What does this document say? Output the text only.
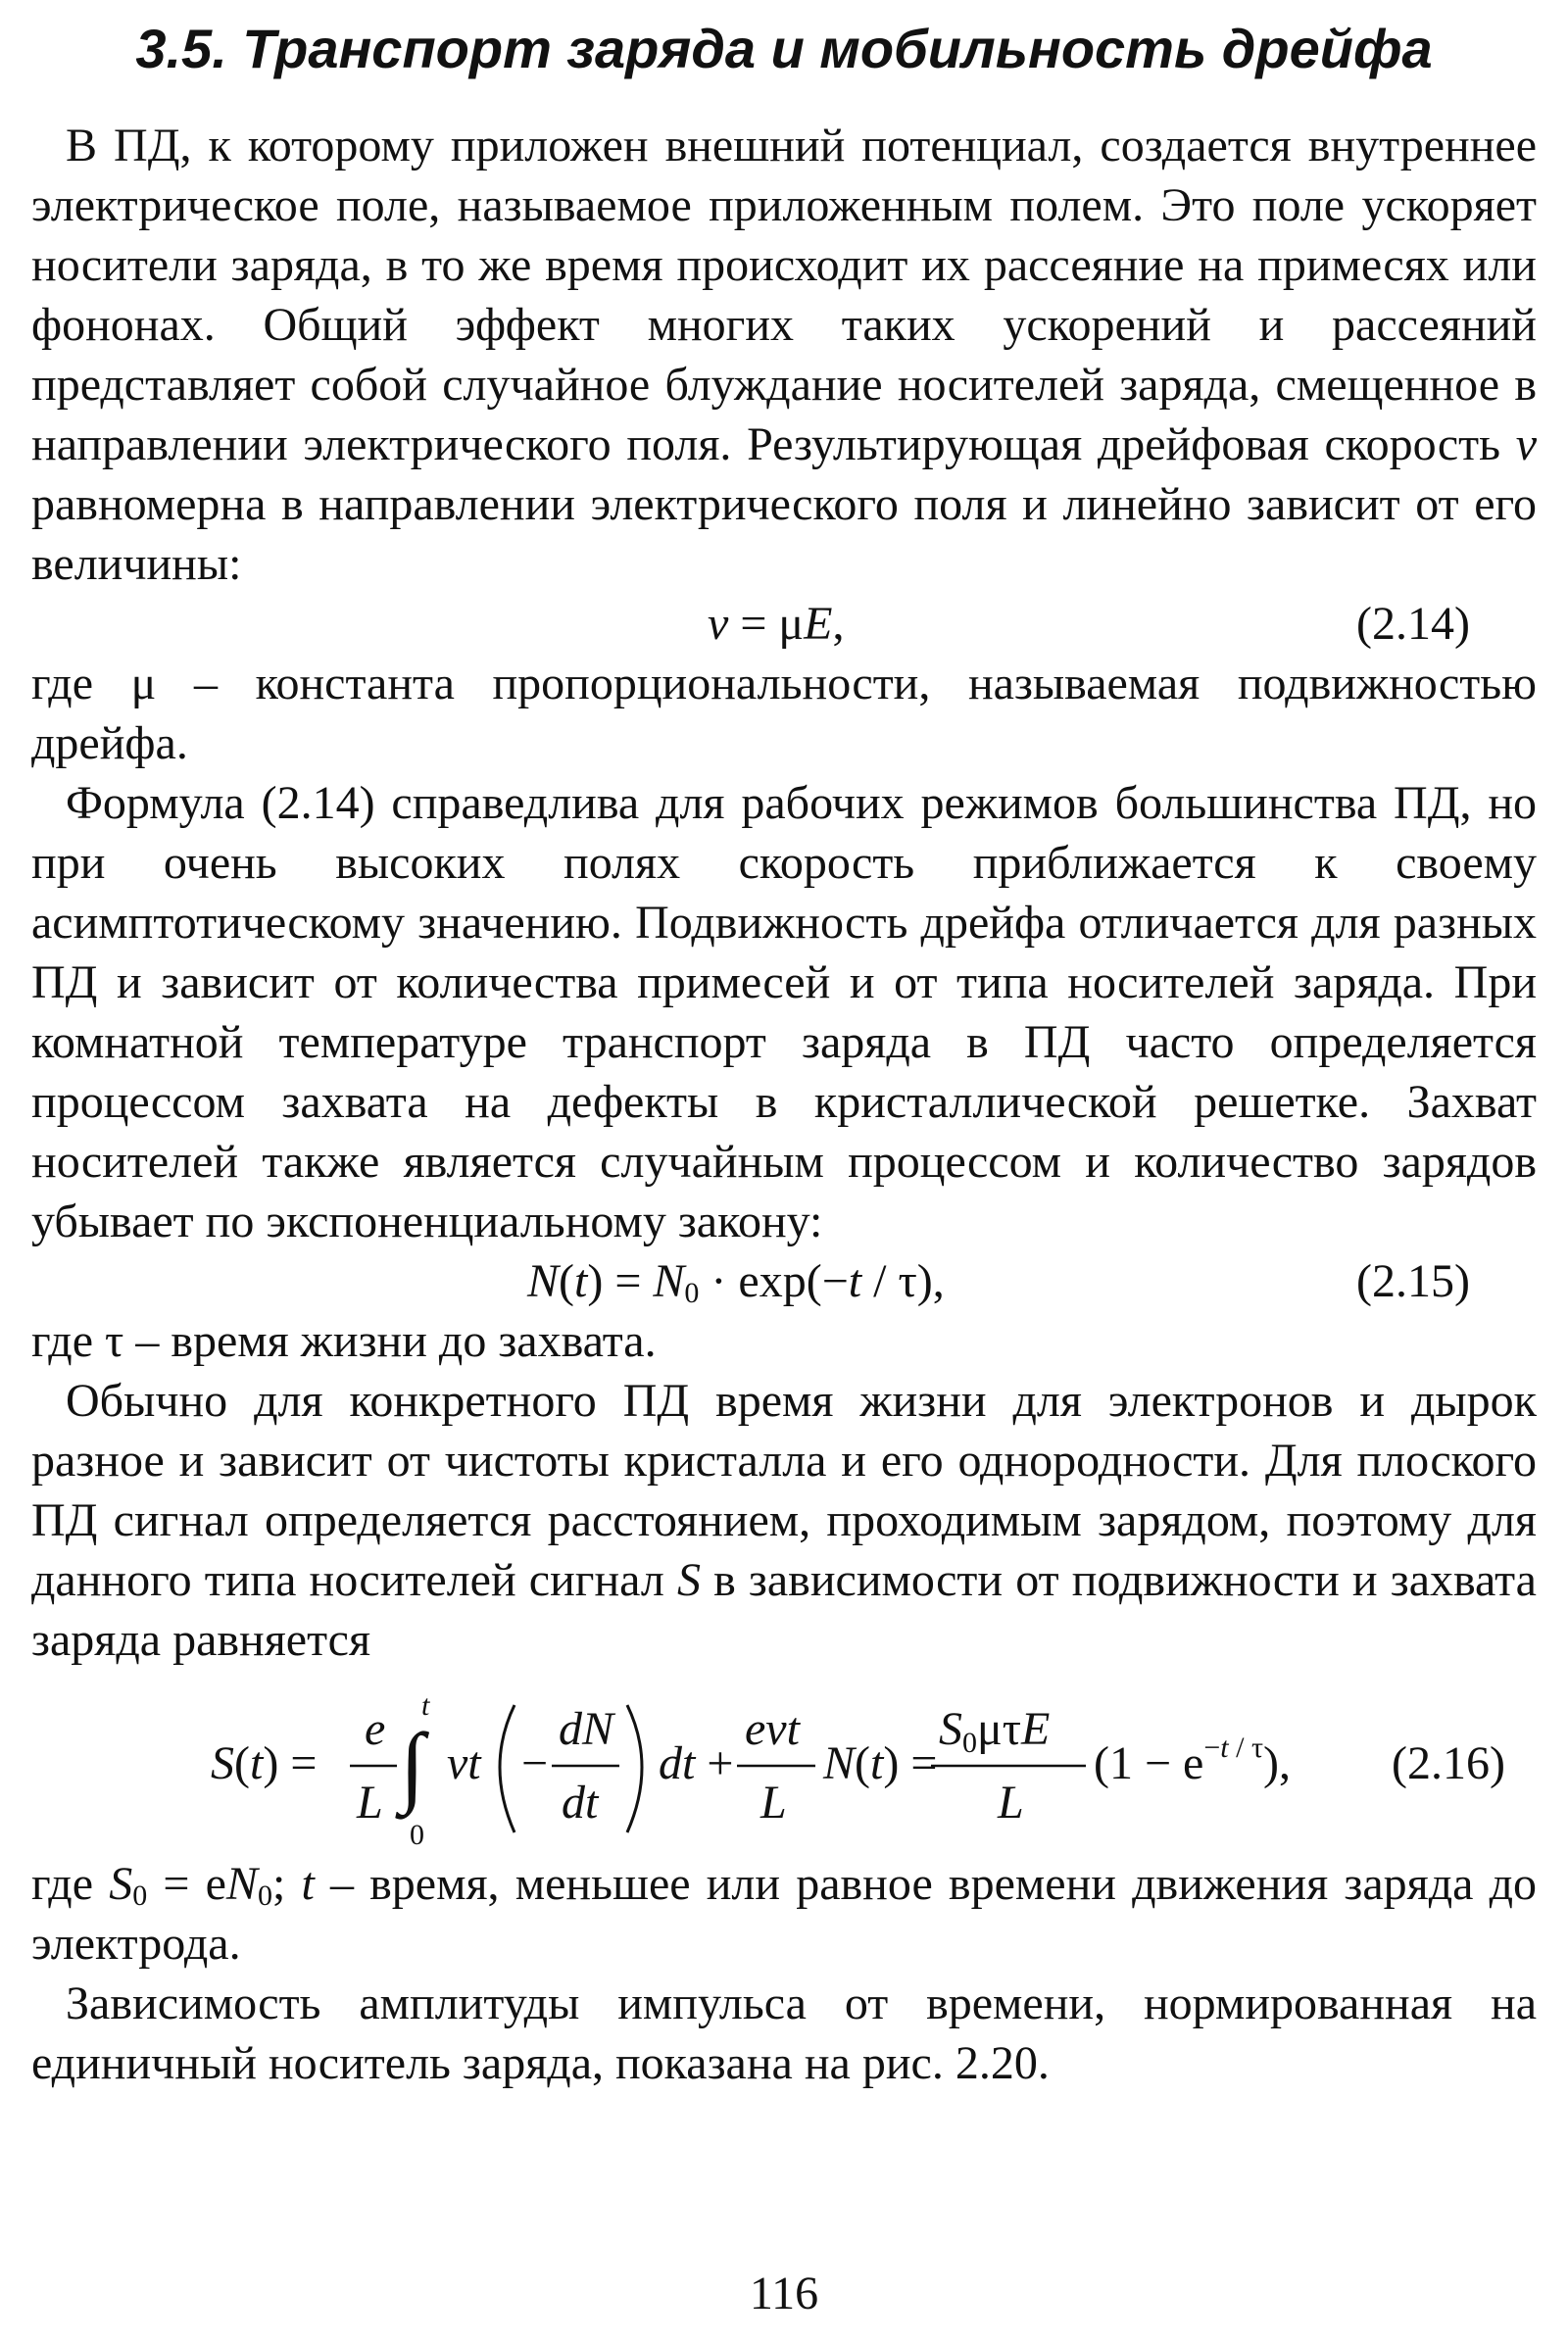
3.5. Транспорт заряда и мобильность дрейфа

В ПД, к которому приложен внешний потенциал, создается внутреннее электрическое поле, называемое приложенным полем. Это поле ускоряет носители заряда, в то же время происходит их рассеяние на примесях или фононах. Общий эффект многих таких ускорений и рассеяний представляет собой случайное блуждание носителей заряда, смещенное в направлении электрического поля. Результирующая дрейфовая скорость v равномерна в направлении электрического поля и линейно зависит от его величины:

v = μE,	(2.14)

где μ – константа пропорциональности, называемая подвижностью дрейфа.

Формула (2.14) справедлива для рабочих режимов большинства ПД, но при очень высоких полях скорость приближается к своему асимптотическому значению. Подвижность дрейфа отличается для разных ПД и зависит от количества примесей и от типа носителей заряда. При комнатной температуре транспорт заряда в ПД часто определяется процессом захвата на дефекты в кристаллической решетке. Захват носителей также является случайным процессом и количество зарядов убывает по экспоненциальному закону:

$N(t) = N_0 \cdot \exp(-t / \tau)$,	(2.15)

где τ – время жизни до захвата.

Обычно для конкретного ПД время жизни для электронов и дырок разное и зависит от чистоты кристалла и его однородности. Для плоского ПД сигнал определяется расстоянием, проходимым зарядом, поэтому для данного типа носителей сигнал S в зависимости от подвижности и захвата заряда равняется

S(t) =
e
L ∫
t
0
vt −
dN
dt
dt +
evt
L
N(t) =
S0μτE
L
$(1 - e^{-t / \tau})$, (2.16)

где $S_0 = eN_0$; t – время, меньшее или равное времени движения заряда до электрода.

Зависимость амплитуды импульса от времени, нормированная на единичный носитель заряда, показана на рис. 2.20.

116
